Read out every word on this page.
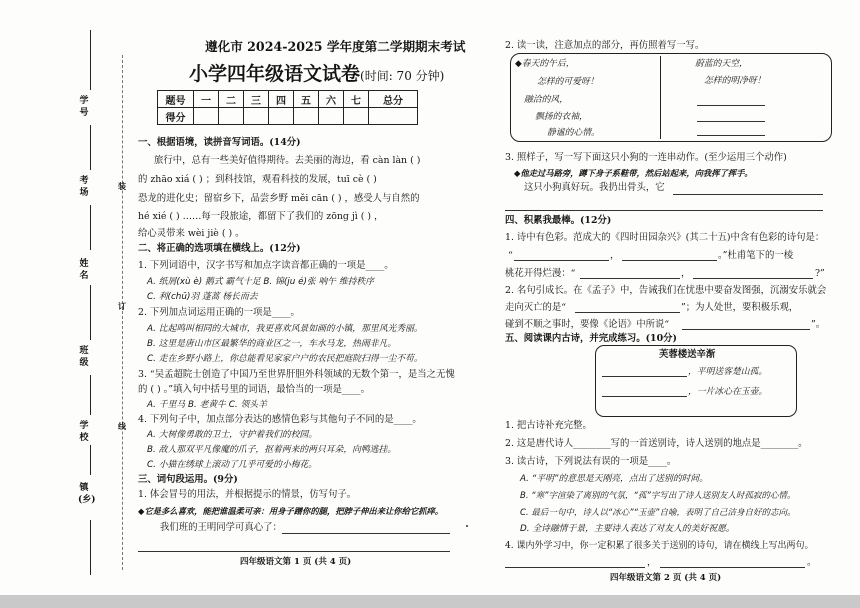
学号
考场
姓名
班级
学校
镇(乡)
装
订
线
遵化市 2024-2025 学年度第二学期期末考试
小学四年级语文试卷(时间: 70 分钟)
题号	一	二	三	四	五	六	七	总分
得分								
一、根据语境，读拼音写词语。(14分)
旅行中，总有一些美好值得期待。去美丽的海边，看 càn làn ( )
的 zhāo xiá ( ) ；到科技馆，观看科技的发展，tuī cè ( )
恐龙的进化史；留宿乡下，品尝乡野 měi cān ( ) ，感受人与自然的
hé xié ( ) ……每一段旅途，都留下了我们的 zōng jì ( ) ，
给心灵带来 wèi jiè ( ) 。
二、将正确的选项填在横线上。(12分)
1. 下列词语中，汉字书写和加点字读音都正确的一项是____。
A. 纸屑(xù è) 鹅式 霸气十足 B. 锦(ju é)张 响午 维持秩序
C. 利(chū)羽 蓬蒿 杨长而去
2. 下列加点词运用正确的一项是____。
A. 比起鸣叫相同的大城市，我更喜欢风景如画的小镇，那里风光秀丽。
B. 这里是唐山市区最繁华的商业区之一，车水马龙，热闹非凡。
C. 走在乡野小路上，你总能看见家家户户的农民把庭院扫得一尘不苟。
3. “吴孟超院士创造了中国乃至世界肝胆外科领域的无数个第一，是当之无愧
的 ( ) 。”填入句中括号里的词语，最恰当的一项是____。
A. 千里马 B. 老黄牛 C. 领头羊
4. 下列句子中，加点部分表达的感情色彩与其他句子不同的是____。
A. 大树像勇敢的卫士，守护着我们的校园。
B. 敌人那双平凡像魔的爪子，抠着两来的两只耳朵，向鸭逃挂。
C. 小猫在绣球上滚动了几乎可爱的小梅花。
三、词句段运用。(9分)
1. 体会冒号的用法，并根据提示的情景，仿写句子。
◆它是多么喜欢，能把谁温柔可亲：用身子蹭你的腿，把脖子伸出来让你给它抓痒。
我们班的王明同学可真心了：
四年级语文第 1 页 (共 4 页)
2. 读一读，注意加点的部分，再仿照着写一写。
◆春天的午后，
怎样的可爱呀！
融洽的风，
飘扬的衣袖，
静谧的心情。
蔚蓝的天空，
怎样的明净呀！
3. 照样子，写一写下面这只小狗的一连串动作。(至少运用三个动作)
◆他走过马路旁，蹲下身子系鞋带，然后站起来，向我挥了挥手。
这只小狗真好玩。我扔出骨头，它
四、积累我最棒。(12分)
1. 诗中有色彩。范成大的《四时田园杂兴》(其二十五)中含有色彩的诗句是：
“	，	。”杜甫笔下的一棱
桃花开得烂漫：“	，	?”
2. 名句引成长。在《孟子》中，告诫我们在忧患中要奋发图强，沉溺安乐就会
走向灭亡的是“	”；为人处世，要积极乐观，
碰到不顺之事时，要像《论语》中所说“	”。
五、阅读课内古诗，并完成练习。(10分)
芙蓉楼送辛渐
，平明送客楚山孤。
，一片冰心在玉壶。
1. 把古诗补充完整。
2. 这是唐代诗人________写的一首送别诗，诗人送别的地点是________。
3. 读古诗，下列说法有误的一项是____。
A. “平明”的意思是天刚亮，点出了送别的时间。
B. “寒”字渲染了离别的气氛，“孤”字写出了诗人送别友人时孤寂的心情。
C. 最后一句中，诗人以“冰心”“玉壶”自喻，表明了自己洁身自好的志向。
D. 全诗融情于景，主要诗人表达了对友人的美好祝愿。
4. 课内外学习中，你一定积累了很多关于送别的诗句，请在横线上写出两句。
，	。
四年级语文第 2 页 (共 4 页)
